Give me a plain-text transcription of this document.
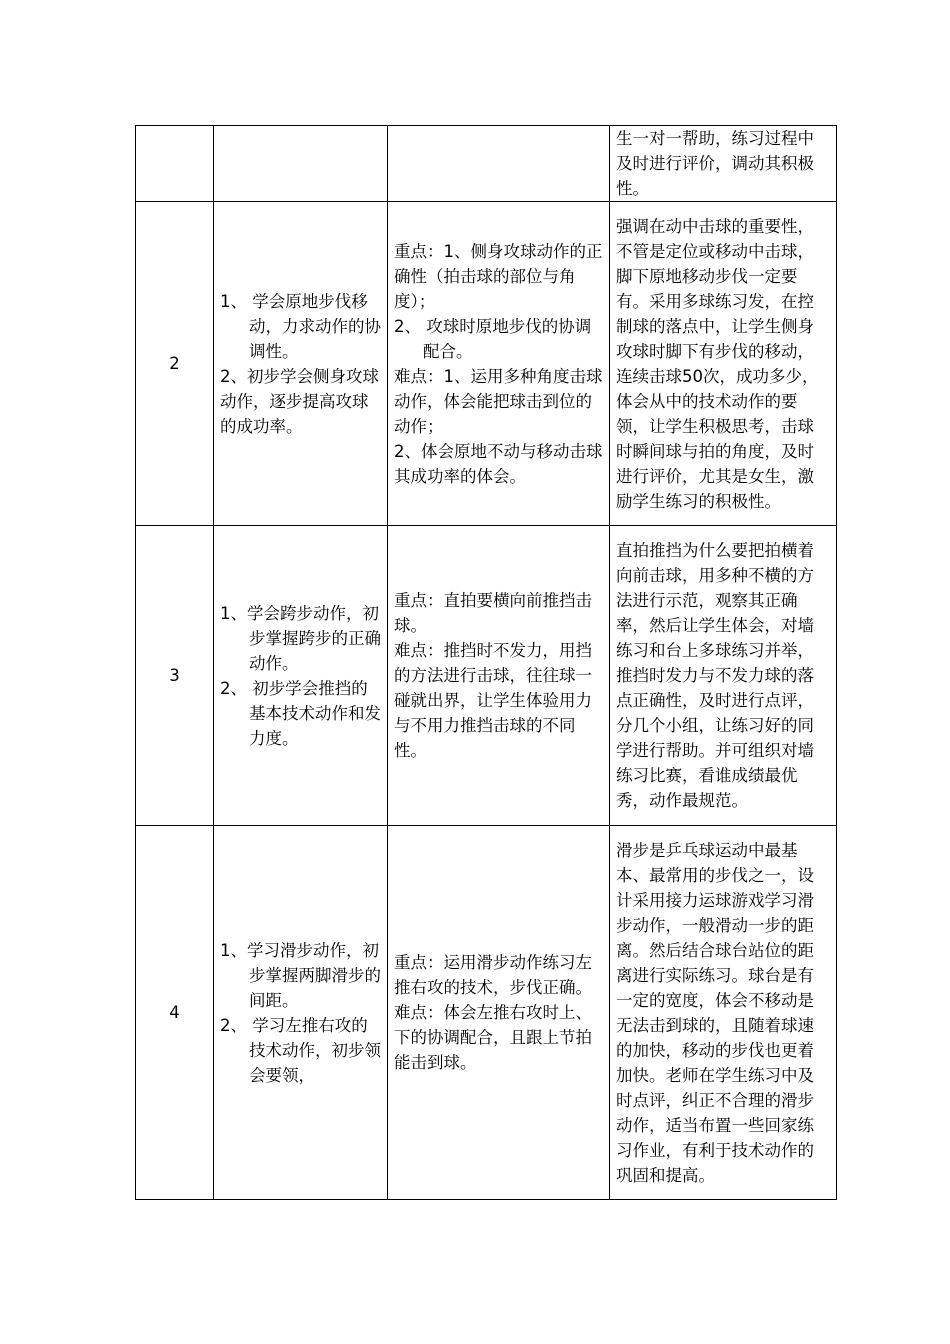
			生一对一帮助，练习过程中及时进行评价，调动其积极性。
2	1、 学会原地步伐移动，力求动作的协调性。
2、初步学会侧身攻球动作，逐步提高攻球的成功率。	重点：1、侧身攻球动作的正确性（拍击球的部位与角度）；
2、 攻球时原地步伐的协调配合。
难点：1、运用多种角度击球动作，体会能把球击到位的动作；
2、体会原地不动与移动击球其成功率的体会。	强调在动中击球的重要性，不管是定位或移动中击球，脚下原地移动步伐一定要有。采用多球练习发，在控制球的落点中，让学生侧身攻球时脚下有步伐的移动，连续击球50次，成功多少，体会从中的技术动作的要领，让学生积极思考，击球时瞬间球与拍的角度，及时进行评价，尤其是女生，激励学生练习的积极性。
3	1、学会跨步动作，初步掌握跨步的正确动作。
2、 初步学会推挡的基本技术动作和发力度。	重点：直拍要横向前推挡击球。
难点：推挡时不发力，用挡的方法进行击球，往往球一碰就出界，让学生体验用力与不用力推挡击球的不同性。	直拍推挡为什么要把拍横着向前击球，用多种不横的方法进行示范，观察其正确率，然后让学生体会，对墙练习和台上多球练习并举，推挡时发力与不发力球的落点正确性，及时进行点评，分几个小组，让练习好的同学进行帮助。并可组织对墙练习比赛，看谁成绩最优秀，动作最规范。
4	1、学习滑步动作，初步掌握两脚滑步的间距。
2、 学习左推右攻的技术动作，初步领会要领，	重点：运用滑步动作练习左推右攻的技术，步伐正确。
难点：体会左推右攻时上、下的协调配合，且跟上节拍能击到球。	滑步是乒乓球运动中最基本、最常用的步伐之一，设计采用接力运球游戏学习滑步动作，一般滑动一步的距离。然后结合球台站位的距离进行实际练习。球台是有一定的宽度，体会不移动是无法击到球的，且随着球速的加快，移动的步伐也更着加快。老师在学生练习中及时点评，纠正不合理的滑步动作，适当布置一些回家练习作业，有利于技术动作的巩固和提高。
